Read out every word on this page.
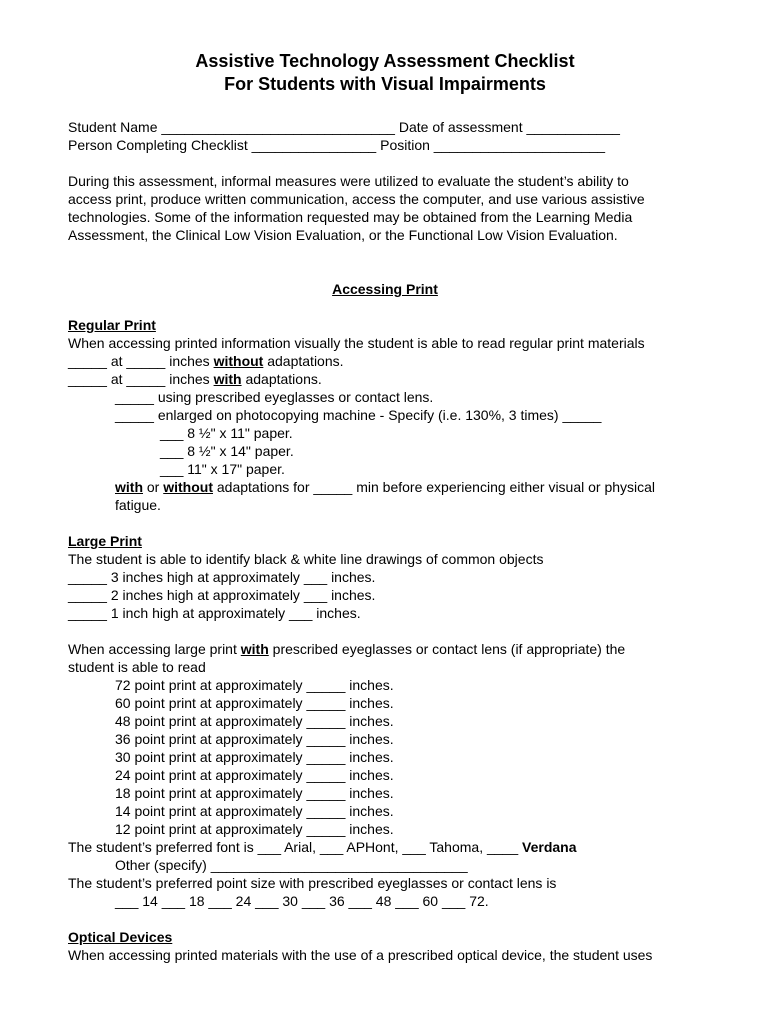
Assistive Technology Assessment Checklist
For Students with Visual Impairments
Student Name ______________________________ Date of assessment ____________
Person Completing Checklist ________________ Position ______________________
During this assessment, informal measures were utilized to evaluate the student’s ability to
access print, produce written communication, access the computer, and use various assistive
technologies. Some of the information requested may be obtained from the Learning Media
Assessment, the Clinical Low Vision Evaluation, or the Functional Low Vision Evaluation.
Accessing Print
Regular Print
When accessing printed information visually the student is able to read regular print materials
_____ at _____ inches without adaptations.
_____ at _____ inches with adaptations.
_____ using prescribed eyeglasses or contact lens.
_____ enlarged on photocopying machine - Specify (i.e. 130%, 3 times) _____
___ 8 ½" x 11" paper.
___ 8 ½" x 14" paper.
___ 11" x 17" paper.
with or without adaptations for _____ min before experiencing either visual or physical
fatigue.
Large Print
The student is able to identify black & white line drawings of common objects
_____ 3 inches high at approximately ___ inches.
_____ 2 inches high at approximately ___ inches.
_____ 1 inch high at approximately ___ inches.
When accessing large print with prescribed eyeglasses or contact lens (if appropriate) the
student is able to read
72 point print at approximately _____ inches.
60 point print at approximately _____ inches.
48 point print at approximately _____ inches.
36 point print at approximately _____ inches.
30 point print at approximately _____ inches.
24 point print at approximately _____ inches.
18 point print at approximately _____ inches.
14 point print at approximately _____ inches.
12 point print at approximately _____ inches.
The student’s preferred font is ___ Arial, ___ APHont, ___ Tahoma, ____ Verdana
Other (specify) _________________________________
The student’s preferred point size with prescribed eyeglasses or contact lens is
___ 14 ___ 18 ___ 24 ___ 30 ___ 36 ___ 48 ___ 60 ___ 72.
Optical Devices
When accessing printed materials with the use of a prescribed optical device, the student uses
